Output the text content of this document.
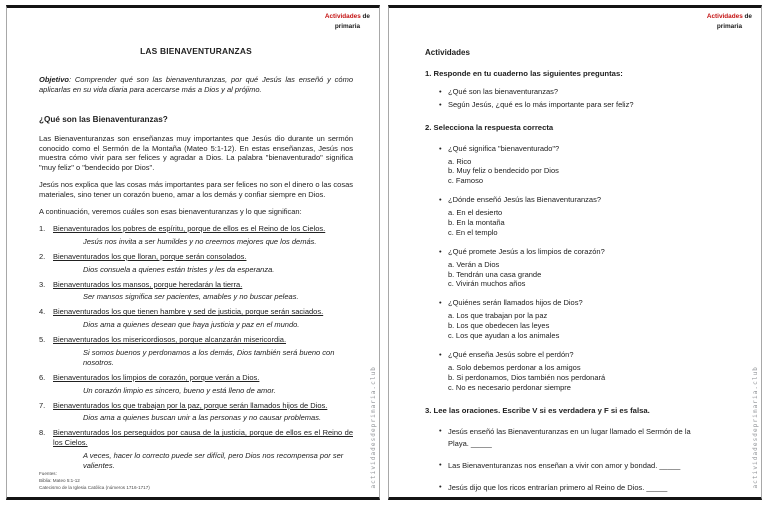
Actividades de
primaria
LAS BIENAVENTURANZAS

Objetivo: Comprender qué son las bienaventuranzas, por qué Jesús las enseñó y cómo aplicarlas en su vida diaria para acercarse más a Dios y al prójimo.

¿Qué son las Bienaventuranzas?

Las Bienaventuranzas son enseñanzas muy importantes que Jesús dio durante un sermón conocido como el Sermón de la Montaña (Mateo 5:1-12). En estas enseñanzas, Jesús nos muestra cómo vivir para ser felices y agradar a Dios. La palabra "bienaventurado" significa "muy feliz" o "bendecido por Dios".

Jesús nos explica que las cosas más importantes para ser felices no son el dinero o las cosas materiales, sino tener un corazón bueno, amar a los demás y confiar siempre en Dios.

A continuación, veremos cuáles son esas bienaventuranzas y lo que significan:

1.	Bienaventurados los pobres de espíritu, porque de ellos es el Reino de los Cielos.
Jesús nos invita a ser humildes y no creernos mejores que los demás.
2.	Bienaventurados los que lloran, porque serán consolados.
Dios consuela a quienes están tristes y les da esperanza.
3.	Bienaventurados los mansos, porque heredarán la tierra.
Ser mansos significa ser pacientes, amables y no buscar peleas.
4.	Bienaventurados los que tienen hambre y sed de justicia, porque serán saciados.
Dios ama a quienes desean que haya justicia y paz en el mundo.
5.	Bienaventurados los misericordiosos, porque alcanzarán misericordia.
Si somos buenos y perdonamos a los demás, Dios también será bueno con nosotros.
6.	Bienaventurados los limpios de corazón, porque verán a Dios.
Un corazón limpio es sincero, bueno y está lleno de amor.
7.	Bienaventurados los que trabajan por la paz, porque serán llamados hijos de Dios.
Dios ama a quienes buscan unir a las personas y no causar problemas.
8.	Bienaventurados los perseguidos por causa de la justicia, porque de ellos es el Reino de los Cielos.
A veces, hacer lo correcto puede ser difícil, pero Dios nos recompensa por ser valientes.
Fuentes:
Biblia: Mateo 5:1-12
Catecismo de la Iglesia Católica (números 1716-1717)	actividadesdeprimaria.club
Actividades de
primaria
Actividades
1. Responde en tu cuaderno las siguientes preguntas:
• ¿Qué son las bienaventuranzas?
• Según Jesús, ¿qué es lo más importante para ser feliz?
2. Selecciona la respuesta correcta
• ¿Qué significa "bienaventurado"?
a. Rico
b. Muy feliz o bendecido por Dios
c. Famoso
• ¿Dónde enseñó Jesús las Bienaventuranzas?
a. En el desierto
b. En la montaña
c. En el templo
• ¿Qué promete Jesús a los limpios de corazón?
a. Verán a Dios
b. Tendrán una casa grande
c. Vivirán muchos años
• ¿Quiénes serán llamados hijos de Dios?
a. Los que trabajan por la paz
b. Los que obedecen las leyes
c. Los que ayudan a los animales
• ¿Qué enseña Jesús sobre el perdón?
a. Solo debemos perdonar a los amigos
b. Si perdonamos, Dios también nos perdonará
c. No es necesario perdonar siempre
3. Lee las oraciones. Escribe V si es verdadera y F si es falsa.
• Jesús enseñó las Bienaventuranzas en un lugar llamado el Sermón de la Playa. _____
• Las Bienaventuranzas nos enseñan a vivir con amor y bondad. _____
• Jesús dijo que los ricos entrarían primero al Reino de Dios. _____	actividadesdeprimaria.club
